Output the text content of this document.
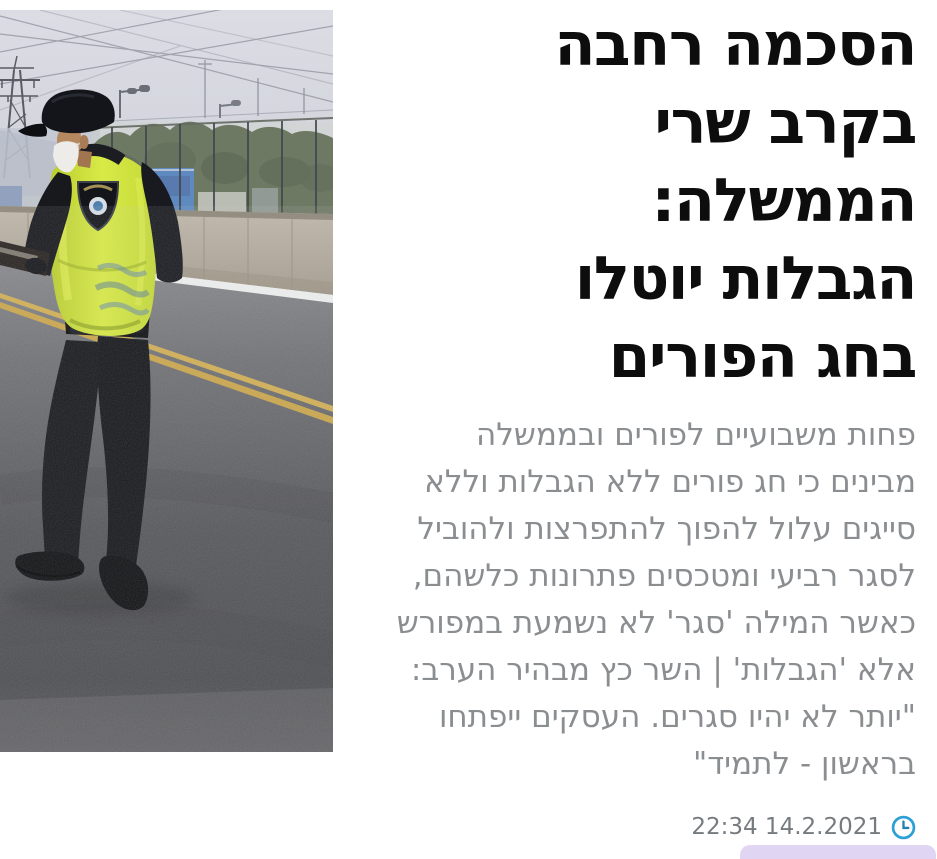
הסכמה רחבה
בקרב שרי
הממשלה:
הגבלות יוטלו
בחג הפורים

פחות משבועיים לפורים ובממשלה
מבינים כי חג פורים ללא הגבלות וללא
סייגים עלול להפוך להתפרצות ולהוביל
לסגר רביעי ומטכסים פתרונות כלשהם,
כאשר המילה 'סגר' לא נשמעת במפורש
אלא 'הגבלות' | השר כץ מבהיר הערב:
"יותר לא יהיו סגרים. העסקים ייפתחו
בראשון - לתמיד"

22:34 14.2.2021
